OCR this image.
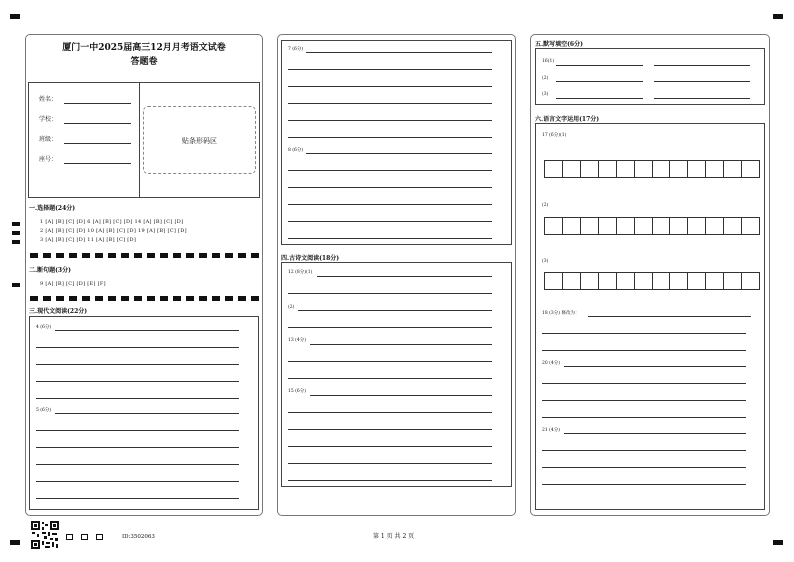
厦门一中2025届高三12月月考语文试卷
答题卷
姓名：
学校：
班级：
座号：
贴条形码区
一.选择题(24分)
1 [A] [B] [C] [D] 6 [A] [B] [C] [D] 14 [A] [B] [C] [D]
2 [A] [B] [C] [D] 10 [A] [B] [C] [D] 19 [A] [B] [C] [D]
3 [A] [B] [C] [D] 11 [A] [B] [C] [D]
二.断句题(3分)
9 [A] [B] [C] [D] [E] [F]
三.现代文阅读(22分)
4 (6分)
5 (6分)
7 (6分)
8 (6分)
四.古诗文阅读(18分)
12 (8分)(1)
(2)
13 (4分)
15 (6分)
五.默写填空(6分)
16(1)
(2)
(3)
六.语言文字运用(17分)
17 (6分)(1)
(2)
(3)
18 (3分) 修改为：
20 (4分)
21 (4分)
ID:3502063	第 1 页 共 2 页
